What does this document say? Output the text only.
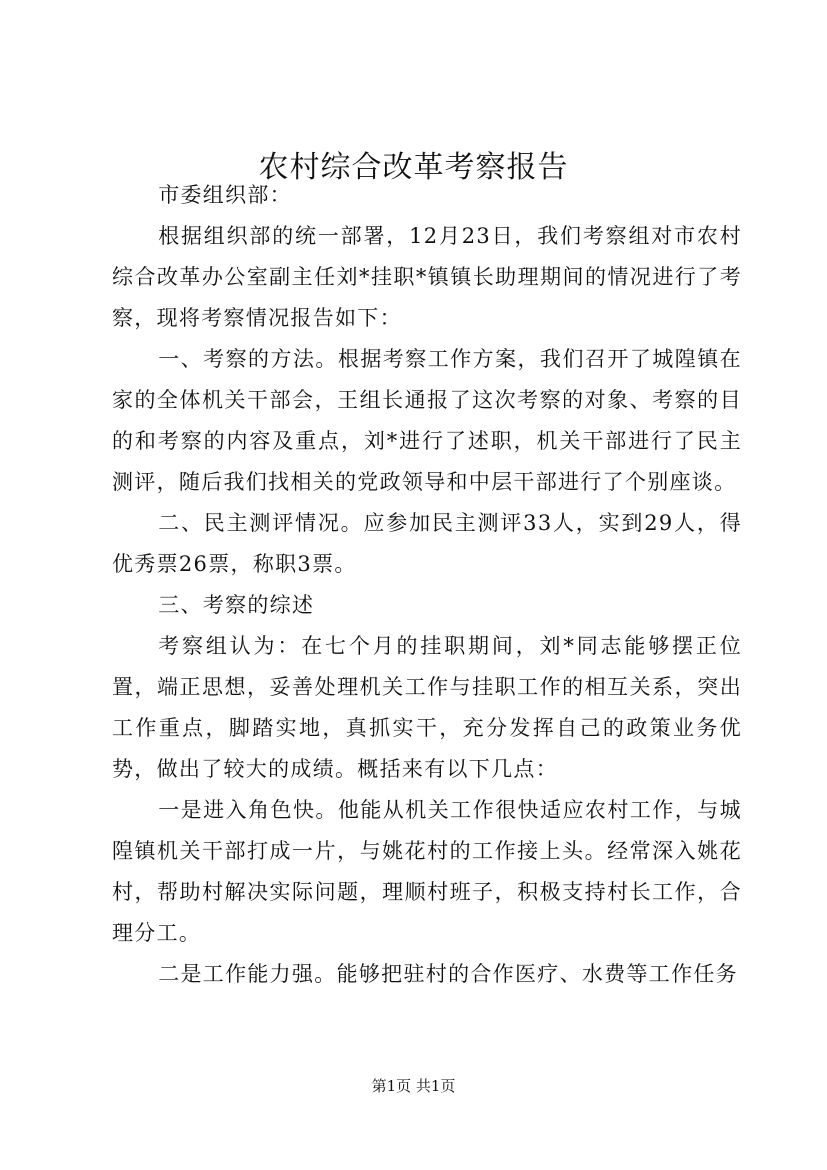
农村综合改革考察报告

市委组织部：

根据组织部的统一部署，12月23日，我们考察组对市农村综合改革办公室副主任刘*挂职*镇镇长助理期间的情况进行了考察，现将考察情况报告如下：

一、考察的方法。根据考察工作方案，我们召开了城隍镇在家的全体机关干部会，王组长通报了这次考察的对象、考察的目的和考察的内容及重点，刘*进行了述职，机关干部进行了民主测评，随后我们找相关的党政领导和中层干部进行了个别座谈。

二、民主测评情况。应参加民主测评33人，实到29人，得优秀票26票，称职3票。

三、考察的综述

考察组认为：在七个月的挂职期间，刘*同志能够摆正位置，端正思想，妥善处理机关工作与挂职工作的相互关系，突出工作重点，脚踏实地，真抓实干，充分发挥自己的政策业务优势，做出了较大的成绩。概括来有以下几点：

一是进入角色快。他能从机关工作很快适应农村工作，与城隍镇机关干部打成一片，与姚花村的工作接上头。经常深入姚花村，帮助村解决实际问题，理顺村班子，积极支持村长工作，合理分工。

二是工作能力强。能够把驻村的合作医疗、水费等工作任务

第1页 共1页
